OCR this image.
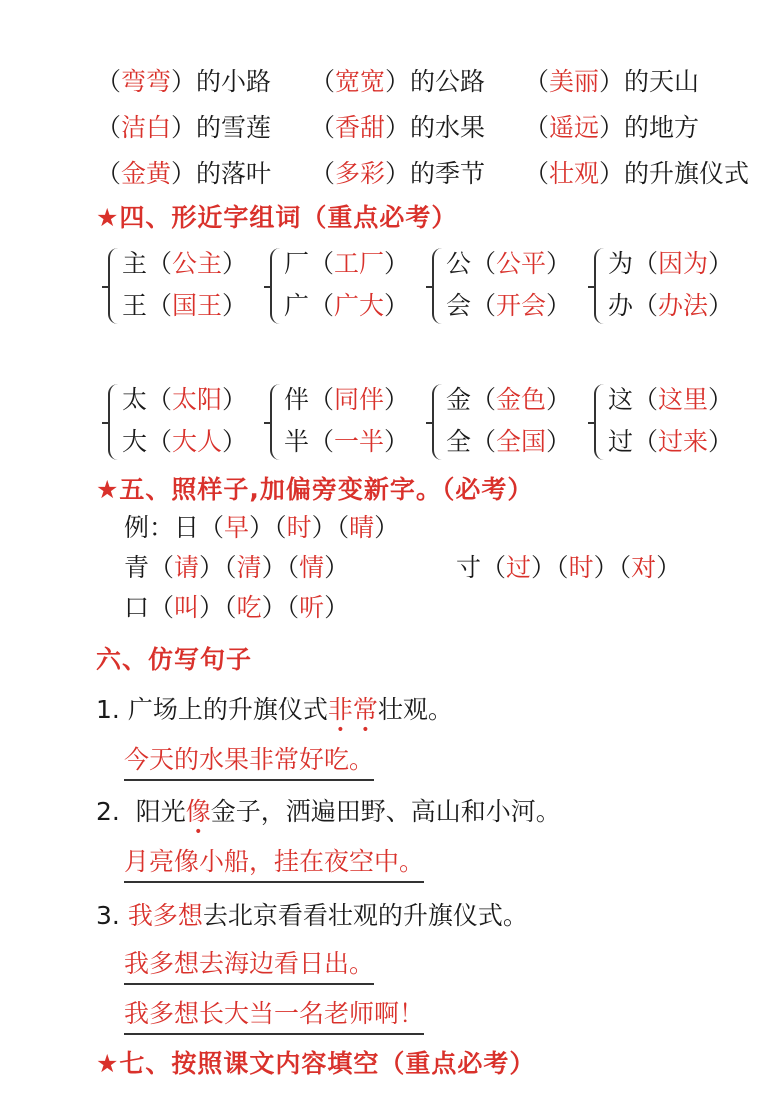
（弯弯）的小路 （宽宽）的公路 （美丽）的天山
（洁白）的雪莲 （香甜）的水果 （遥远）的地方
（金黄）的落叶 （多彩）的季节 （壮观）的升旗仪式
★四、形近字组词（重点必考）
主（公主）
王（国王）
厂（工厂）
广（广大）
公（公平）
会（开会）
为（因为）
办（办法）
太（太阳）
大（大人）
伴（同伴）
半（一半）
金（金色）
全（全国）
这（这里）
过（过来）
★五、照样子,加偏旁变新字。（必考）
例：日（早）（时）（晴）
青（请）（清）（情）	寸（过）（时）（对）
口（叫）（吃）（听）
六、仿写句子
1. 广场上的升旗仪式非常壮观。
今天的水果非常好吃。
2. 阳光像金子，洒遍田野、高山和小河。
月亮像小船，挂在夜空中。
3. 我多想去北京看看壮观的升旗仪式。
我多想去海边看日出。
我多想长大当一名老师啊！
★七、按照课文内容填空（重点必考）
